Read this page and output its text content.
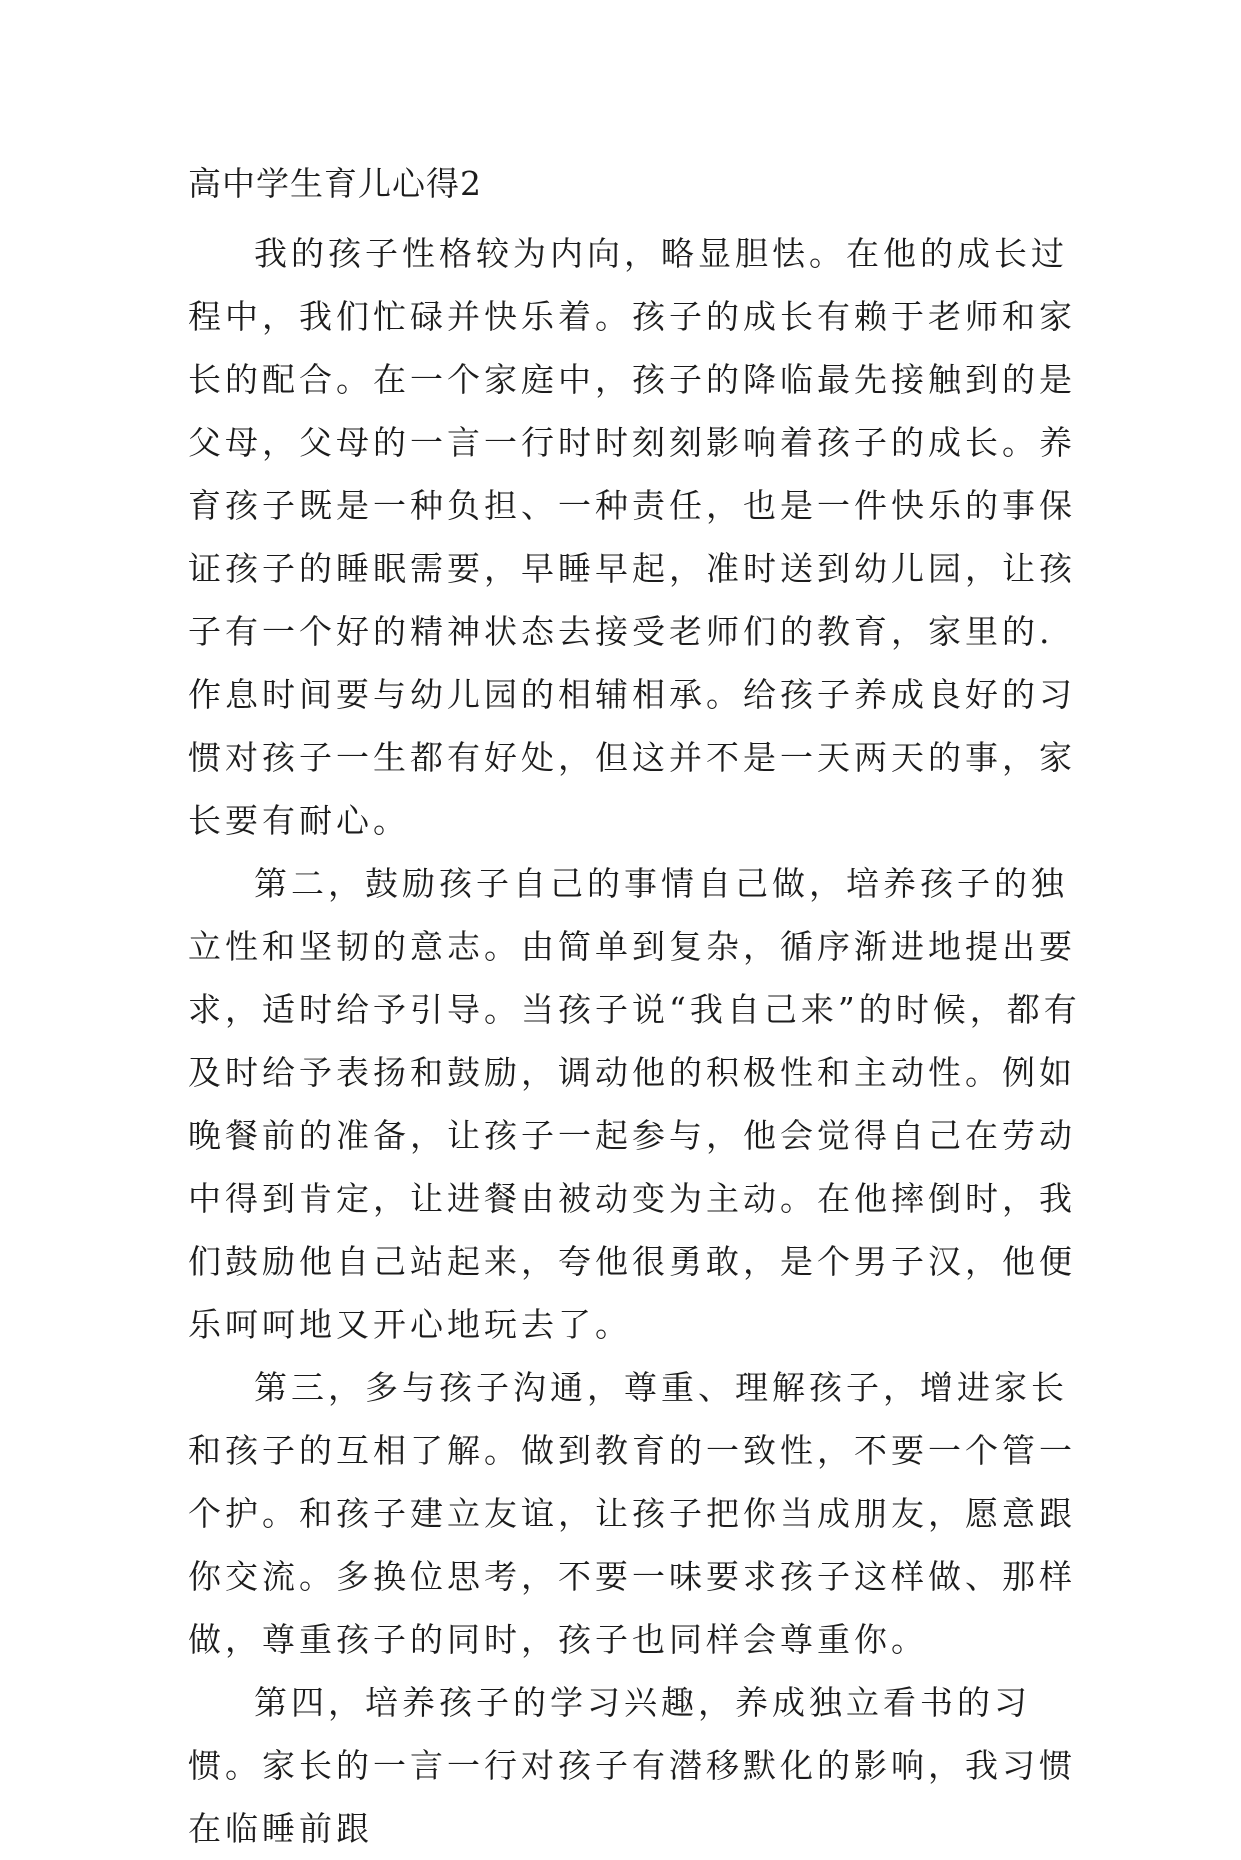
高中学生育儿心得2

我的孩子性格较为内向，略显胆怯。在他的成长过程中，我们忙碌并快乐着。孩子的成长有赖于老师和家长的配合。在一个家庭中，孩子的降临最先接触到的是父母，父母的一言一行时时刻刻影响着孩子的成长。养育孩子既是一种负担、一种责任，也是一件快乐的事保证孩子的睡眠需要，早睡早起，准时送到幼儿园，让孩子有一个好的精神状态去接受老师们的教育，家里的.作息时间要与幼儿园的相辅相承。给孩子养成良好的习惯对孩子一生都有好处，但这并不是一天两天的事，家长要有耐心。

第二，鼓励孩子自己的事情自己做，培养孩子的独立性和坚韧的意志。由简单到复杂，循序渐进地提出要求，适时给予引导。当孩子说“我自己来”的时候，都有及时给予表扬和鼓励，调动他的积极性和主动性。例如晚餐前的准备，让孩子一起参与，他会觉得自己在劳动中得到肯定，让进餐由被动变为主动。在他摔倒时，我们鼓励他自己站起来，夸他很勇敢，是个男子汉，他便乐呵呵地又开心地玩去了。

第三，多与孩子沟通，尊重、理解孩子，增进家长和孩子的互相了解。做到教育的一致性，不要一个管一个护。和孩子建立友谊，让孩子把你当成朋友，愿意跟你交流。多换位思考，不要一味要求孩子这样做、那样做，尊重孩子的同时，孩子也同样会尊重你。

第四，培养孩子的学习兴趣，养成独立看书的习惯。家长的一言一行对孩子有潜移默化的影响，我习惯在临睡前跟
